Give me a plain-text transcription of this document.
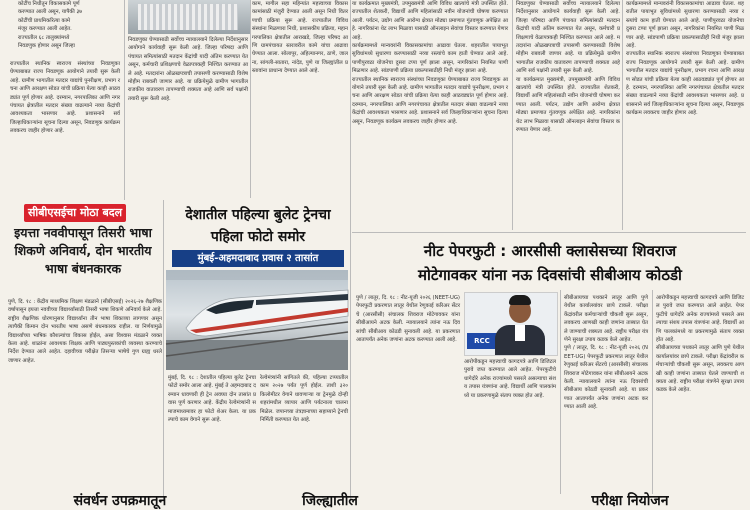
कोटींच निधीतून विकासकामे पूर्ण

करण्यात आली असून, यापैकी ३७

कोटींची प्राथमिकरित्या कामे

मंजूर करण्यात आली आहेत.

राज्यातील ६८ तालुक्यांमध्ये

निवडणुक होणार असून जिल्हा

राज्यातील स्थानिक स्वराज्य संस्थांच्या निवडणुका घेण्याबाबत राज्य निवडणूक आयोगाने तयारी सुरू केली आहे. ग्रामीण भागातील मतदार याद्यांचे पुनरीक्षण, प्रभाग रचना आणि आरक्षण सोडत यांची प्रक्रिया येत्या काही आठवड्यांत पूर्ण होणार आहे. दरम्यान, नगरपालिका आणि नगरपंचायत क्षेत्रातील मतदार संख्या वाढल्याने नव्या केंद्रांची आवश्यकता भासणार आहे. प्रशासनाने सर्व जिल्हाधिकाऱ्यांना सूचना दिल्या असून, निवडणूक कार्यक्रम लवकरच जाहीर होणार आहे.

निवडणुका घेण्यासाठी सर्वोच्च न्यायालयाने दिलेल्या निर्देशानुसार आयोगाने कार्यवाही सुरू केली आहे. जिल्हा परिषदा आणि पंचायत समित्यांसाठी मतदान केंद्रांची यादी अंतिम करण्यात येत असून, कर्मचारी प्रशिक्षणाचे वेळापत्रकही निश्चित करण्यात आले आहे. मतदारांना ओळखपत्राची तपासणी करण्यासाठी विशेष मोहीम राबवली जाणार आहे. या प्रक्रियेमुळे ग्रामीण भागातील राजकीय वातावरण तापण्याची शक्यता आहे आणि सर्व पक्षांनी तयारी सुरू केली आहे.

काम, मागील सहा महिन्यांत महत्त्वाच्या विकासकामांसाठी मंजुरी देण्यात आली असून निधी वितरणाची प्रक्रिया सुरू आहे. राज्यातील विविध संस्थांना मिळणारा निधी, प्रशासकीय प्रक्रिया, महानगरपालिका क्षेत्रातील आराखडे, जिल्हा परिषद आणि ग्रामपंचायत स्तरावरील कामे यांचा आढावा घेण्यात आला. सोलापूर, अहिल्यानगर, ठाणे, जालना, सांगली-सातारा, नांदेड, पुणे या जिल्ह्यांतील प्रस्तावांना प्राधान्य देण्यात आले आहे.

या कार्यक्रमात मुख्यमंत्री, उपमुख्यमंत्री आणि विविध खात्यांचे मंत्री उपस्थित होते. राज्यातील शेतकरी, विद्यार्थी आणि महिलांसाठी नवीन योजनांची घोषणा करण्यात आली. पर्यटन, उद्योग आणि आरोग्य क्षेत्रात मोठ्या प्रमाणात गुंतवणूक अपेक्षित आहे. नागरिकांना थेट लाभ मिळावा यासाठी ऑनलाइन सेवांचा विस्तार करण्यात येणार आहे.

कार्यक्रमामध्ये मान्यवरांनी विकासकामांचा आढावा घेतला. शहरातील पायाभूत सुविधांमध्ये सुधारणा करण्यासाठी नव्या रस्त्यांचे काम हाती घेण्यात आले आहे. पाणीपुरवठा योजनेचा दुसरा टप्पा पूर्ण झाला असून, नागरिकांना नियमित पाणी मिळणार आहे. सांडपाणी प्रक्रिया प्रकल्पासाठीही निधी मंजूर झाला आहे.

राज्यातील स्थानिक स्वराज्य संस्थांच्या निवडणुका घेण्याबाबत राज्य निवडणूक आयोगाने तयारी सुरू केली आहे. ग्रामीण भागातील मतदार याद्यांचे पुनरीक्षण, प्रभाग रचना आणि आरक्षण सोडत यांची प्रक्रिया येत्या काही आठवड्यांत पूर्ण होणार आहे. दरम्यान, नगरपालिका आणि नगरपंचायत क्षेत्रातील मतदार संख्या वाढल्याने नव्या केंद्रांची आवश्यकता भासणार आहे. प्रशासनाने सर्व जिल्हाधिकाऱ्यांना सूचना दिल्या असून, निवडणूक कार्यक्रम लवकरच जाहीर होणार आहे.

निवडणुका घेण्यासाठी सर्वोच्च न्यायालयाने दिलेल्या निर्देशानुसार आयोगाने कार्यवाही सुरू केली आहे. जिल्हा परिषदा आणि पंचायत समित्यांसाठी मतदान केंद्रांची यादी अंतिम करण्यात येत असून, कर्मचारी प्रशिक्षणाचे वेळापत्रकही निश्चित करण्यात आले आहे. मतदारांना ओळखपत्राची तपासणी करण्यासाठी विशेष मोहीम राबवली जाणार आहे. या प्रक्रियेमुळे ग्रामीण भागातील राजकीय वातावरण तापण्याची शक्यता आहे आणि सर्व पक्षांनी तयारी सुरू केली आहे.

या कार्यक्रमात मुख्यमंत्री, उपमुख्यमंत्री आणि विविध खात्यांचे मंत्री उपस्थित होते. राज्यातील शेतकरी, विद्यार्थी आणि महिलांसाठी नवीन योजनांची घोषणा करण्यात आली. पर्यटन, उद्योग आणि आरोग्य क्षेत्रात मोठ्या प्रमाणात गुंतवणूक अपेक्षित आहे. नागरिकांना थेट लाभ मिळावा यासाठी ऑनलाइन सेवांचा विस्तार करण्यात येणार आहे.

कार्यक्रमामध्ये मान्यवरांनी विकासकामांचा आढावा घेतला. शहरातील पायाभूत सुविधांमध्ये सुधारणा करण्यासाठी नव्या रस्त्यांचे काम हाती घेण्यात आले आहे. पाणीपुरवठा योजनेचा दुसरा टप्पा पूर्ण झाला असून, नागरिकांना नियमित पाणी मिळणार आहे. सांडपाणी प्रक्रिया प्रकल्पासाठीही निधी मंजूर झाला आहे.

राज्यातील स्थानिक स्वराज्य संस्थांच्या निवडणुका घेण्याबाबत राज्य निवडणूक आयोगाने तयारी सुरू केली आहे. ग्रामीण भागातील मतदार याद्यांचे पुनरीक्षण, प्रभाग रचना आणि आरक्षण सोडत यांची प्रक्रिया येत्या काही आठवड्यांत पूर्ण होणार आहे. दरम्यान, नगरपालिका आणि नगरपंचायत क्षेत्रातील मतदार संख्या वाढल्याने नव्या केंद्रांची आवश्यकता भासणार आहे. प्रशासनाने सर्व जिल्हाधिकाऱ्यांना सूचना दिल्या असून, निवडणूक कार्यक्रम लवकरच जाहीर होणार आहे.

सीबीएसईचा मोठा बदल
इयत्ता नववीपासून तिसरी भाषा शिकणे अनिवार्य, दोन भारतीय भाषा बंधनकारक

पुणे, दि. १८ : केंद्रीय माध्यमिक शिक्षण मंडळाने (सीबीएसई) २०२६-२७ शैक्षणिक वर्षापासून इयत्ता नववीच्या विद्यार्थ्यांसाठी तिसरी भाषा शिकणे अनिवार्य केले आहे. राष्ट्रीय शैक्षणिक धोरणानुसार विद्यार्थ्यांना तीन भाषा शिकाव्या लागणार असून त्यापैकी किमान दोन भारतीय भाषा असणे बंधनकारक राहील. या निर्णयामुळे विद्यार्थ्यांच्या भाषिक कौशल्यांचा विकास होईल, असा विश्वास मंडळाने व्यक्त केला आहे. शाळांना आवश्यक शिक्षक आणि पाठ्यपुस्तकांची व्यवस्था करण्याचे निर्देश देण्यात आले आहेत. दहावीच्या परीक्षेत तिसऱ्या भाषेचे गुण ग्राह्य धरले जाणार आहेत.

देशातील पहिल्या बुलेट ट्रेनचा पहिला फोटो समोर
मुंबई-अहमदाबाद प्रवास २ तासांत

मुंबई, दि. १८ : देशातील पहिल्या बुलेट ट्रेनचा फोटो समोर आला आहे. मुंबई ते अहमदाबाद दरम्यान धावणारी ही ट्रेन अवघ्या दोन तासांत प्रवास पूर्ण करणार आहे. केंद्रीय रेल्वेमंत्र्यांनी समाजमाध्यमावर हा फोटो शेअर केला. या प्रकल्पाचे काम वेगाने सुरू आहे.

रेल्वेमंत्र्यांनी सांगितले की, पहिल्या टप्प्यातील काम २०२७ पर्यंत पूर्ण होईल. ताशी ३२० किलोमीटर वेगाने धावणाऱ्या या ट्रेनमुळे दोन्ही शहरांमधील व्यापार आणि पर्यटनाला चालना मिळेल. जपानच्या तंत्रज्ञानाच्या सहाय्याने ट्रेनची निर्मिती करण्यात येत आहे.

नीट पेपरफुटी : आरसीसी क्लासेसच्या शिवराज
मोटेगावकर यांना नऊ दिवसांची सीबीआय कोठडी

पुणे / लातूर, दि. १८ : नीट-यूजी २०२६ (NEET-UG) पेपरफुटी प्रकरणात लातूर येथील रेणुकाई करिअर सेंटरचे (आरसीसी) संचालक शिवराज मोटेगावकर यांना सीबीआयने अटक केली. न्यायालयाने त्यांना नऊ दिवसांची सीबीआय कोठडी सुनावली आहे. या प्रकरणात आतापर्यंत अनेक जणांना अटक करण्यात आली आहे.	RCC

आरोपीकडून महत्त्वाची कागदपत्रे आणि डिजिटल पुरावे जप्त करण्यात आले आहेत. पेपरफुटीचे धागेदोरे अनेक राज्यांमध्ये पसरले असल्याचा संशय तपास यंत्रणांना आहे. विद्यार्थी आणि पालकांमध्ये या प्रकरणामुळे संताप व्यक्त होत आहे.

सीबीआयच्या पथकाने लातूर आणि पुणे येथील कार्यालयांवर छापे टाकले. परीक्षा केंद्रांवरील कर्मचाऱ्यांची चौकशी सुरू असून, लवकरच आणखी काही जणांना ताब्यात घेतले जाण्याची शक्यता आहे. राष्ट्रीय परीक्षा यंत्रणेने सुरक्षा उपाय कडक केले आहेत.

पुणे / लातूर, दि. १८ : नीट-यूजी २०२६ (NEET-UG) पेपरफुटी प्रकरणात लातूर येथील रेणुकाई करिअर सेंटरचे (आरसीसी) संचालक शिवराज मोटेगावकर यांना सीबीआयने अटक केली. न्यायालयाने त्यांना नऊ दिवसांची सीबीआय कोठडी सुनावली आहे. या प्रकरणात आतापर्यंत अनेक जणांना अटक करण्यात आली आहे.

आरोपीकडून महत्त्वाची कागदपत्रे आणि डिजिटल पुरावे जप्त करण्यात आले आहेत. पेपरफुटीचे धागेदोरे अनेक राज्यांमध्ये पसरले असल्याचा संशय तपास यंत्रणांना आहे. विद्यार्थी आणि पालकांमध्ये या प्रकरणामुळे संताप व्यक्त होत आहे.

सीबीआयच्या पथकाने लातूर आणि पुणे येथील कार्यालयांवर छापे टाकले. परीक्षा केंद्रांवरील कर्मचाऱ्यांची चौकशी सुरू असून, लवकरच आणखी काही जणांना ताब्यात घेतले जाण्याची शक्यता आहे. राष्ट्रीय परीक्षा यंत्रणेने सुरक्षा उपाय कडक केले आहेत.

संवर्धन उपक्रमातून	जिल्ह्यातील	परीक्षा नियोजन
